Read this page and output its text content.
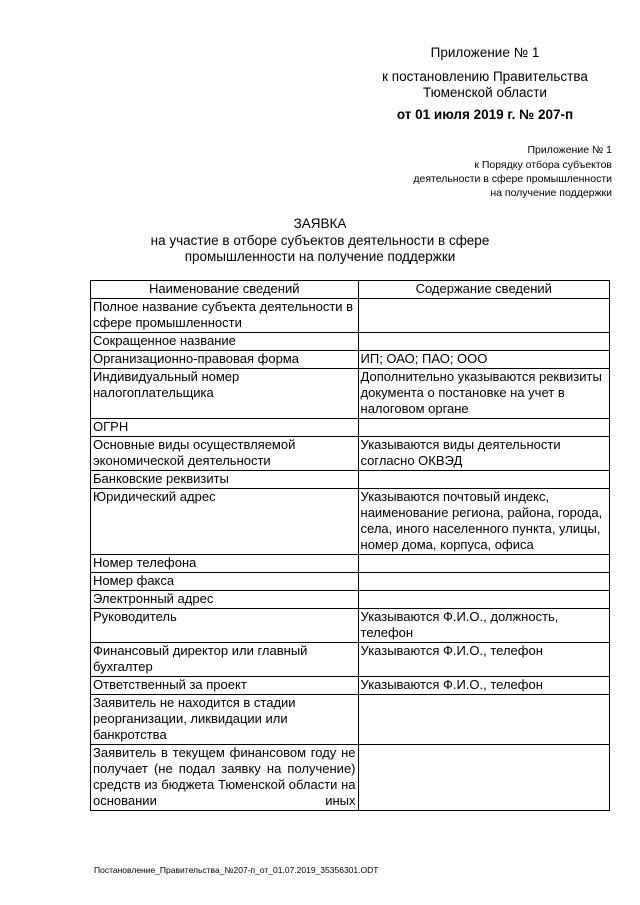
Приложение № 1
к постановлению Правительства
Тюменской области
от 01 июля 2019 г. № 207-п
Приложение № 1
к Порядку отбора субъектов
деятельности в сфере промышленности
на получение поддержки
ЗАЯВКА
на участие в отборе субъектов деятельности в сфере
промышленности на получение поддержки
Наименование сведений	Содержание сведений
Полное название субъекта деятельности в сфере промышленности	
Сокращенное название	
Организационно-правовая форма	ИП; ОАО; ПАО; ООО
Индивидуальный номер налогоплательщика	Дополнительно указываются реквизиты документа о постановке на учет в налоговом органе
ОГРН	
Основные виды осуществляемой экономической деятельности	Указываются виды деятельности согласно ОКВЭД
Банковские реквизиты	
Юридический адрес	Указываются почтовый индекс, наименование региона, района, города, села, иного населенного пункта, улицы, номер дома, корпуса, офиса
Номер телефона	
Номер факса	
Электронный адрес	
Руководитель	Указываются Ф.И.О., должность, телефон
Финансовый директор или главный бухгалтер	Указываются Ф.И.О., телефон
Ответственный за проект	Указываются Ф.И.О., телефон
Заявитель не находится в стадии реорганизации, ликвидации или банкротства	
Заявитель в текущем финансовом году не получает (не подал заявку на получение) средств из бюджета Тюменской области на основании иных	
Постановление_Правительства_№207-п_от_01.07.2019_35356301.ODT
